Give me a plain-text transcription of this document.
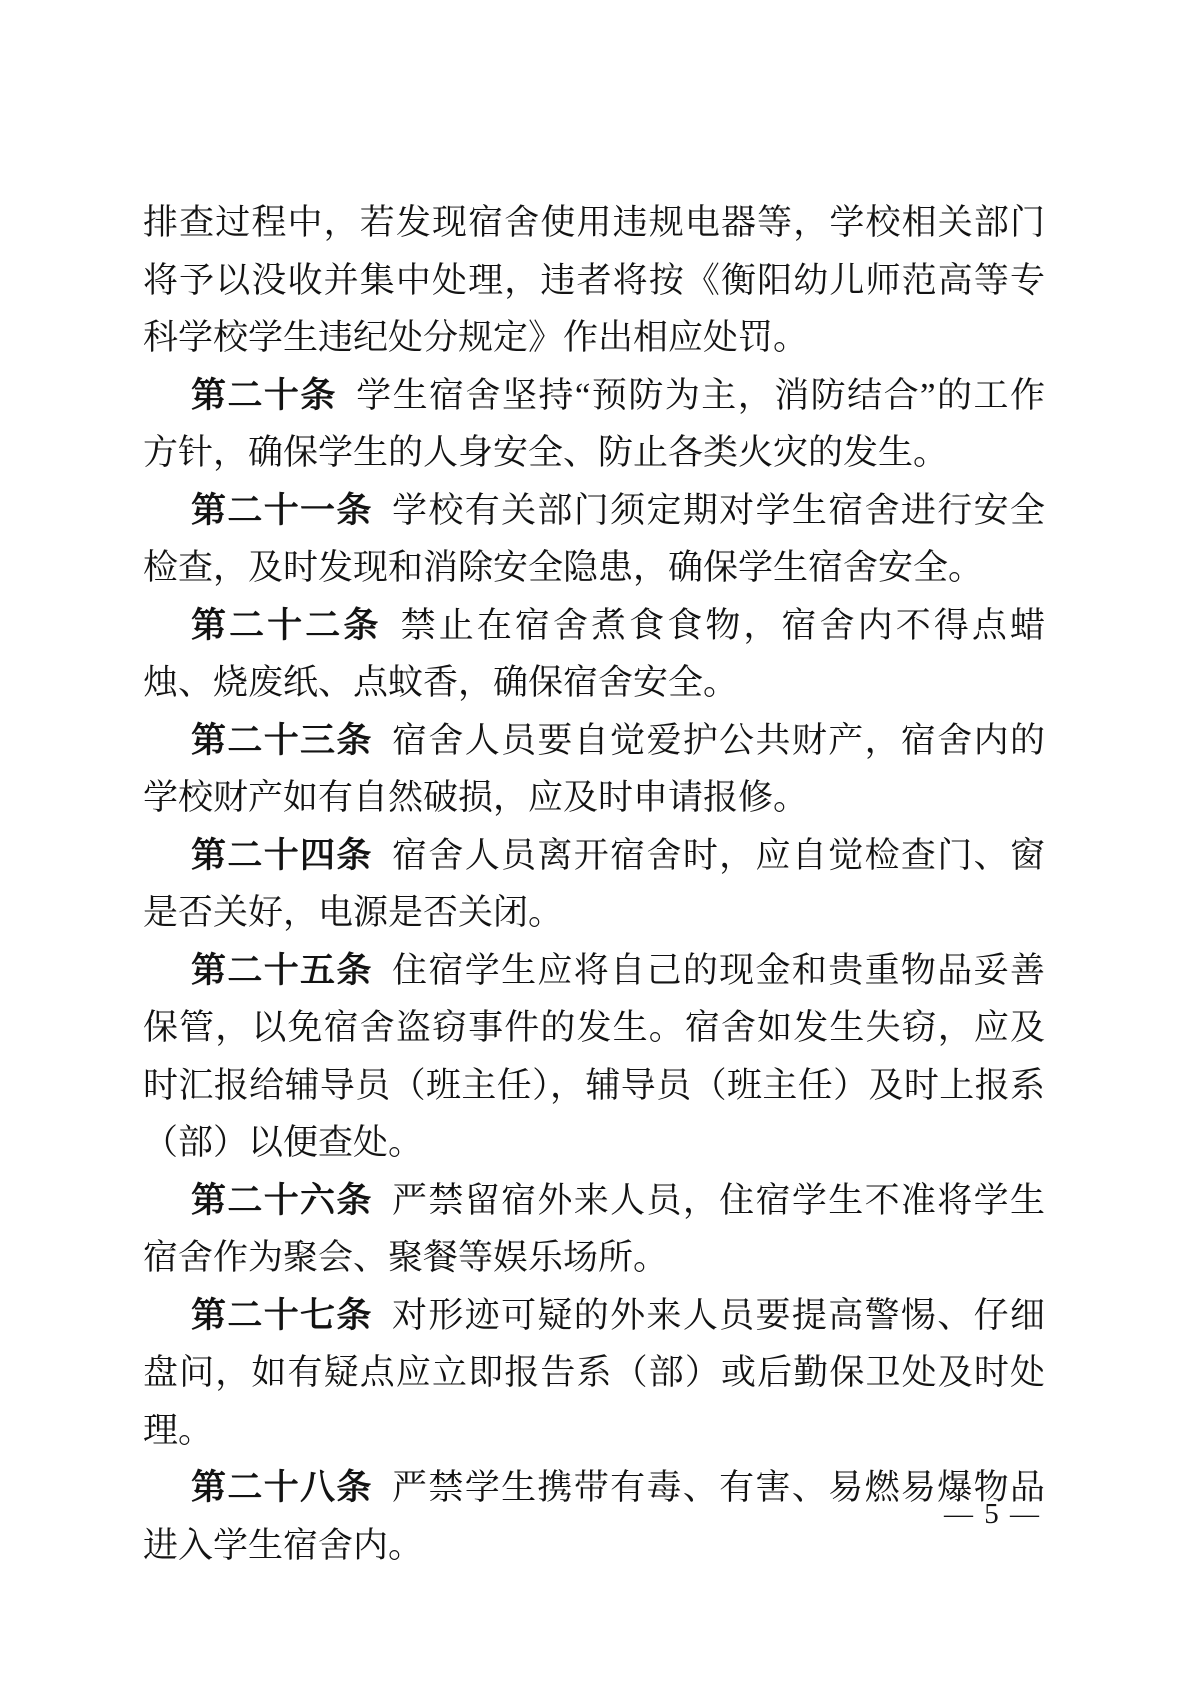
排查过程中，若发现宿舍使用违规电器等，学校相关部门将予以没收并集中处理，违者将按《衡阳幼儿师范高等专科学校学生违纪处分规定》作出相应处罚。

第二十条 学生宿舍坚持“预防为主，消防结合”的工作方针，确保学生的人身安全、防止各类火灾的发生。

第二十一条 学校有关部门须定期对学生宿舍进行安全检查，及时发现和消除安全隐患，确保学生宿舍安全。

第二十二条 禁止在宿舍煮食食物，宿舍内不得点蜡烛、烧废纸、点蚊香，确保宿舍安全。

第二十三条 宿舍人员要自觉爱护公共财产，宿舍内的学校财产如有自然破损，应及时申请报修。

第二十四条 宿舍人员离开宿舍时，应自觉检查门、窗是否关好，电源是否关闭。

第二十五条 住宿学生应将自己的现金和贵重物品妥善保管，以免宿舍盗窃事件的发生。宿舍如发生失窃，应及时汇报给辅导员（班主任），辅导员（班主任）及时上报系（部）以便查处。

第二十六条 严禁留宿外来人员，住宿学生不准将学生宿舍作为聚会、聚餐等娱乐场所。

第二十七条 对形迹可疑的外来人员要提高警惕、仔细盘问，如有疑点应立即报告系（部）或后勤保卫处及时处理。

第二十八条 严禁学生携带有毒、有害、易燃易爆物品进入学生宿舍内。

— 5 —
